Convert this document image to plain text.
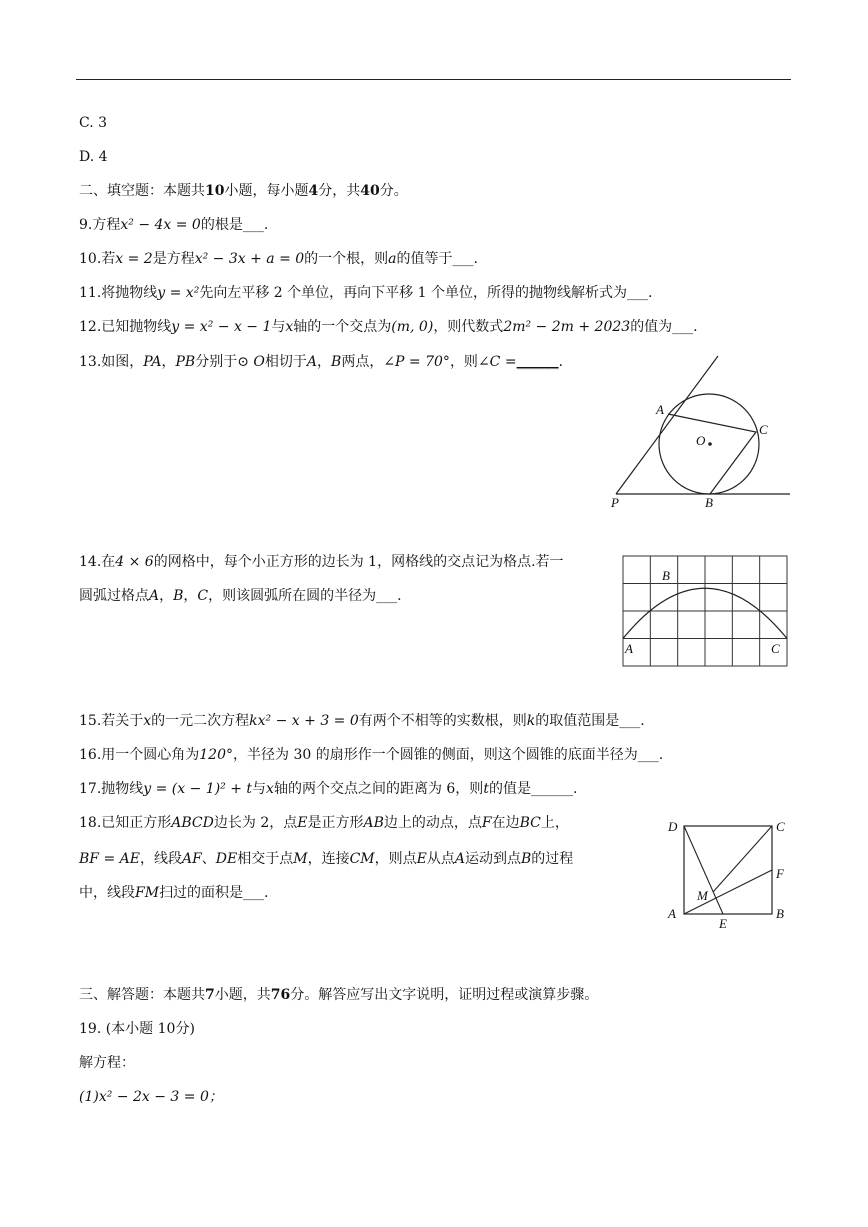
C. 3
D. 4
二、填空题：本题共10小题，每小题4分，共40分。
9.方程x² − 4x = 0的根是___.
10.若x = 2是方程x² − 3x + a = 0的一个根，则a的值等于___.
11.将抛物线y = x²先向左平移 2 个单位，再向下平移 1 个单位，所得的抛物线解析式为___.
12.已知抛物线y = x² − x − 1与x轴的一个交点为(m, 0)，则代数式2m² − 2m + 2023的值为___.
13.如图，PA，PB分别于⊙ O相切于A，B两点，∠P = 70°，则∠C =______.
A
C
O
P	B
14.在4 × 6的网格中，每个小正方形的边长为 1，网格线的交点记为格点.若一
圆弧过格点A，B，C，则该圆弧所在圆的半径为___.
B
A	C
15.若关于x的一元二次方程kx² − x + 3 = 0有两个不相等的实数根，则k的取值范围是___.
16.用一个圆心角为120°，半径为 30 的扇形作一个圆锥的侧面，则这个圆锥的底面半径为___.
17.抛物线y = (x − 1)² + t与x轴的两个交点之间的距离为 6，则t的值是______.
18.已知正方形ABCD边长为 2，点E是正方形AB边上的动点，点F在边BC上，
BF = AE，线段AF、DE相交于点M，连接CM，则点E从点A运动到点B的过程
中，线段FM扫过的面积是___.
D	C
F
M
A
E
B
三、解答题：本题共7小题，共76分。解答应写出文字说明，证明过程或演算步骤。
19. (本小题 10分)
解方程：
(1)x² − 2x − 3 = 0；
